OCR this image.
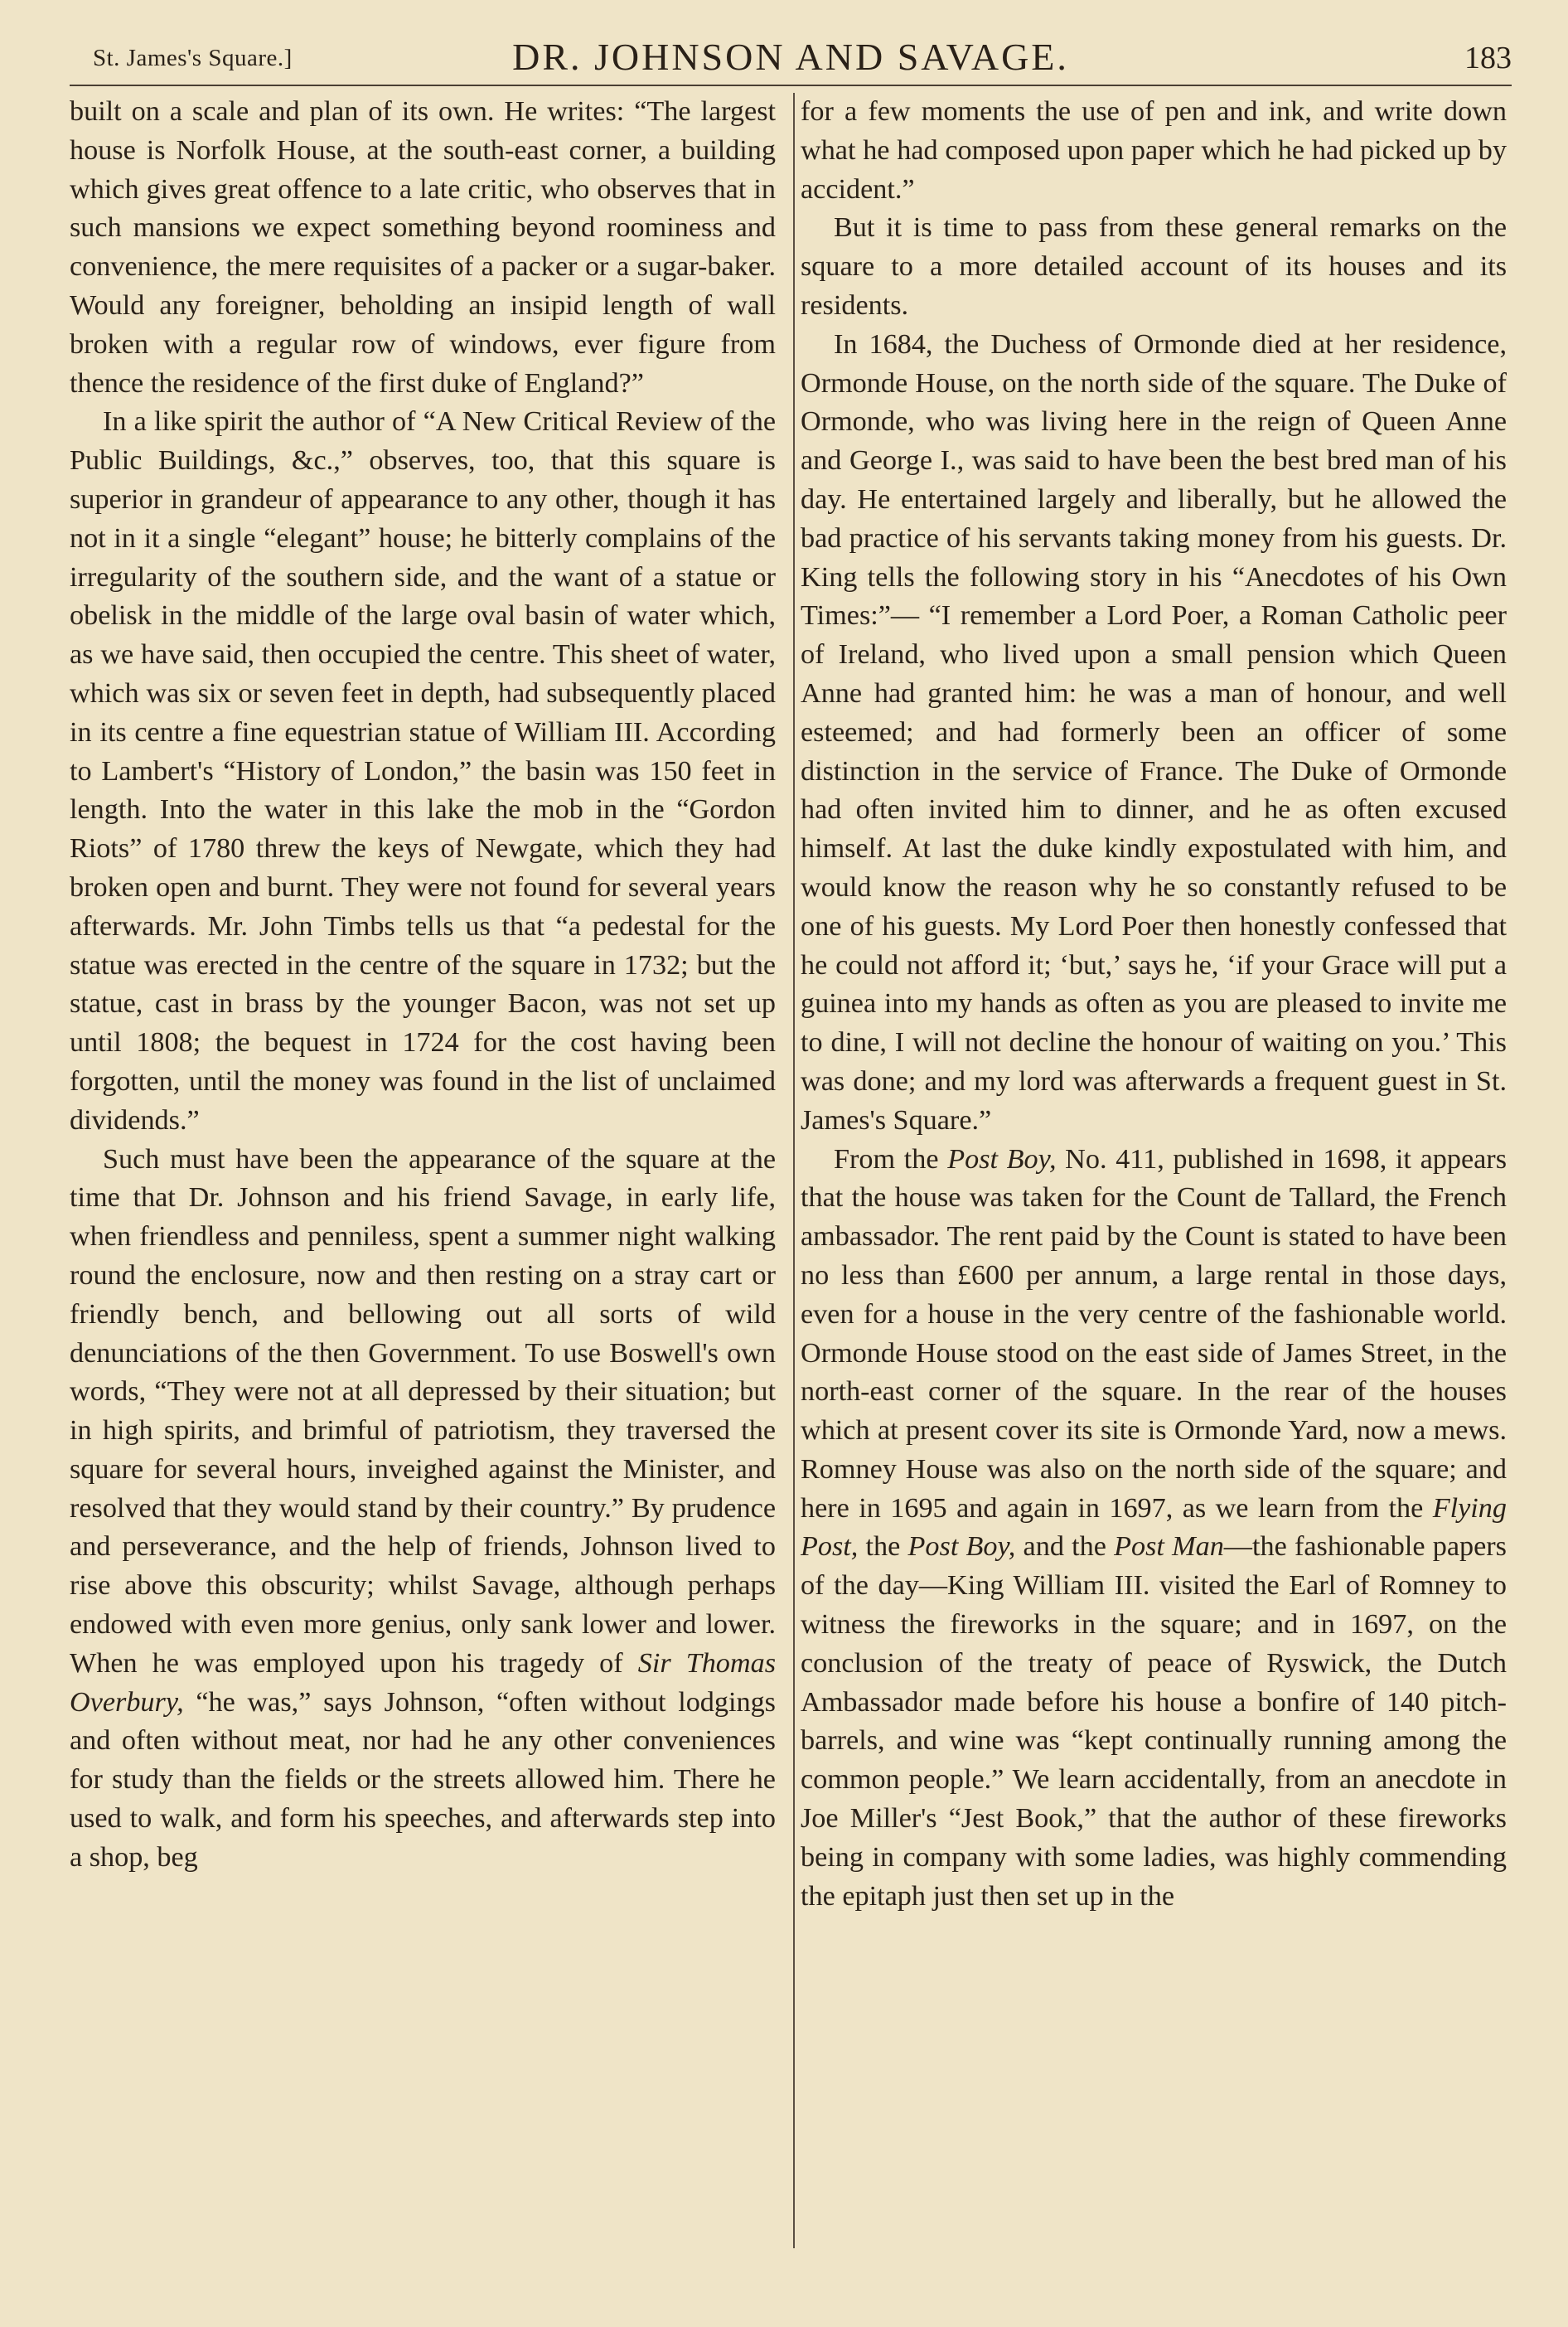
St. James's Square.]	DR. JOHNSON AND SAVAGE.	183

built on a scale and plan of its own. He writes: “The largest house is Norfolk House, at the south-east corner, a building which gives great offence to a late critic, who observes that in such mansions we expect something beyond roominess and convenience, the mere requisites of a packer or a sugar-baker. Would any foreigner, beholding an insipid length of wall broken with a regular row of windows, ever figure from thence the residence of the first duke of England?”

In a like spirit the author of “A New Critical Review of the Public Buildings, &c.,” observes, too, that this square is superior in grandeur of appearance to any other, though it has not in it a single “elegant” house; he bitterly complains of the irregularity of the southern side, and the want of a statue or obelisk in the middle of the large oval basin of water which, as we have said, then occupied the centre. This sheet of water, which was six or seven feet in depth, had subsequently placed in its centre a fine equestrian statue of William III. According to Lambert's “History of London,” the basin was 150 feet in length. Into the water in this lake the mob in the “Gordon Riots” of 1780 threw the keys of Newgate, which they had broken open and burnt. They were not found for several years afterwards. Mr. John Timbs tells us that “a pedestal for the statue was erected in the centre of the square in 1732; but the statue, cast in brass by the younger Bacon, was not set up until 1808; the bequest in 1724 for the cost having been forgotten, until the money was found in the list of unclaimed dividends.”

Such must have been the appearance of the square at the time that Dr. Johnson and his friend Savage, in early life, when friendless and penniless, spent a summer night walking round the enclosure, now and then resting on a stray cart or friendly bench, and bellowing out all sorts of wild denunciations of the then Government. To use Boswell's own words, “They were not at all depressed by their situation; but in high spirits, and brimful of patriotism, they traversed the square for several hours, inveighed against the Minister, and resolved that they would stand by their country.” By prudence and perseverance, and the help of friends, Johnson lived to rise above this obscurity; whilst Savage, although perhaps endowed with even more genius, only sank lower and lower. When he was employed upon his tragedy of Sir Thomas Overbury, “he was,” says Johnson, “often without lodgings and often without meat, nor had he any other conveniences for study than the fields or the streets allowed him. There he used to walk, and form his speeches, and afterwards step into a shop, beg

for a few moments the use of pen and ink, and write down what he had composed upon paper which he had picked up by accident.”

But it is time to pass from these general remarks on the square to a more detailed account of its houses and its residents.

In 1684, the Duchess of Ormonde died at her residence, Ormonde House, on the north side of the square. The Duke of Ormonde, who was living here in the reign of Queen Anne and George I., was said to have been the best bred man of his day. He entertained largely and liberally, but he allowed the bad practice of his servants taking money from his guests. Dr. King tells the following story in his “Anecdotes of his Own Times:”— “I remember a Lord Poer, a Roman Catholic peer of Ireland, who lived upon a small pension which Queen Anne had granted him: he was a man of honour, and well esteemed; and had formerly been an officer of some distinction in the service of France. The Duke of Ormonde had often invited him to dinner, and he as often excused himself. At last the duke kindly expostulated with him, and would know the reason why he so constantly refused to be one of his guests. My Lord Poer then honestly confessed that he could not afford it; ‘but,’ says he, ‘if your Grace will put a guinea into my hands as often as you are pleased to invite me to dine, I will not decline the honour of waiting on you.’ This was done; and my lord was afterwards a frequent guest in St. James's Square.”

From the Post Boy, No. 411, published in 1698, it appears that the house was taken for the Count de Tallard, the French ambassador. The rent paid by the Count is stated to have been no less than £600 per annum, a large rental in those days, even for a house in the very centre of the fashionable world. Ormonde House stood on the east side of James Street, in the north-east corner of the square. In the rear of the houses which at present cover its site is Ormonde Yard, now a mews. Romney House was also on the north side of the square; and here in 1695 and again in 1697, as we learn from the Flying Post, the Post Boy, and the Post Man—the fashionable papers of the day—King William III. visited the Earl of Romney to witness the fireworks in the square; and in 1697, on the conclusion of the treaty of peace of Ryswick, the Dutch Ambassador made before his house a bonfire of 140 pitch-barrels, and wine was “kept continually running among the common people.” We learn accidentally, from an anecdote in Joe Miller's “Jest Book,” that the author of these fireworks being in company with some ladies, was highly commending the epitaph just then set up in the
